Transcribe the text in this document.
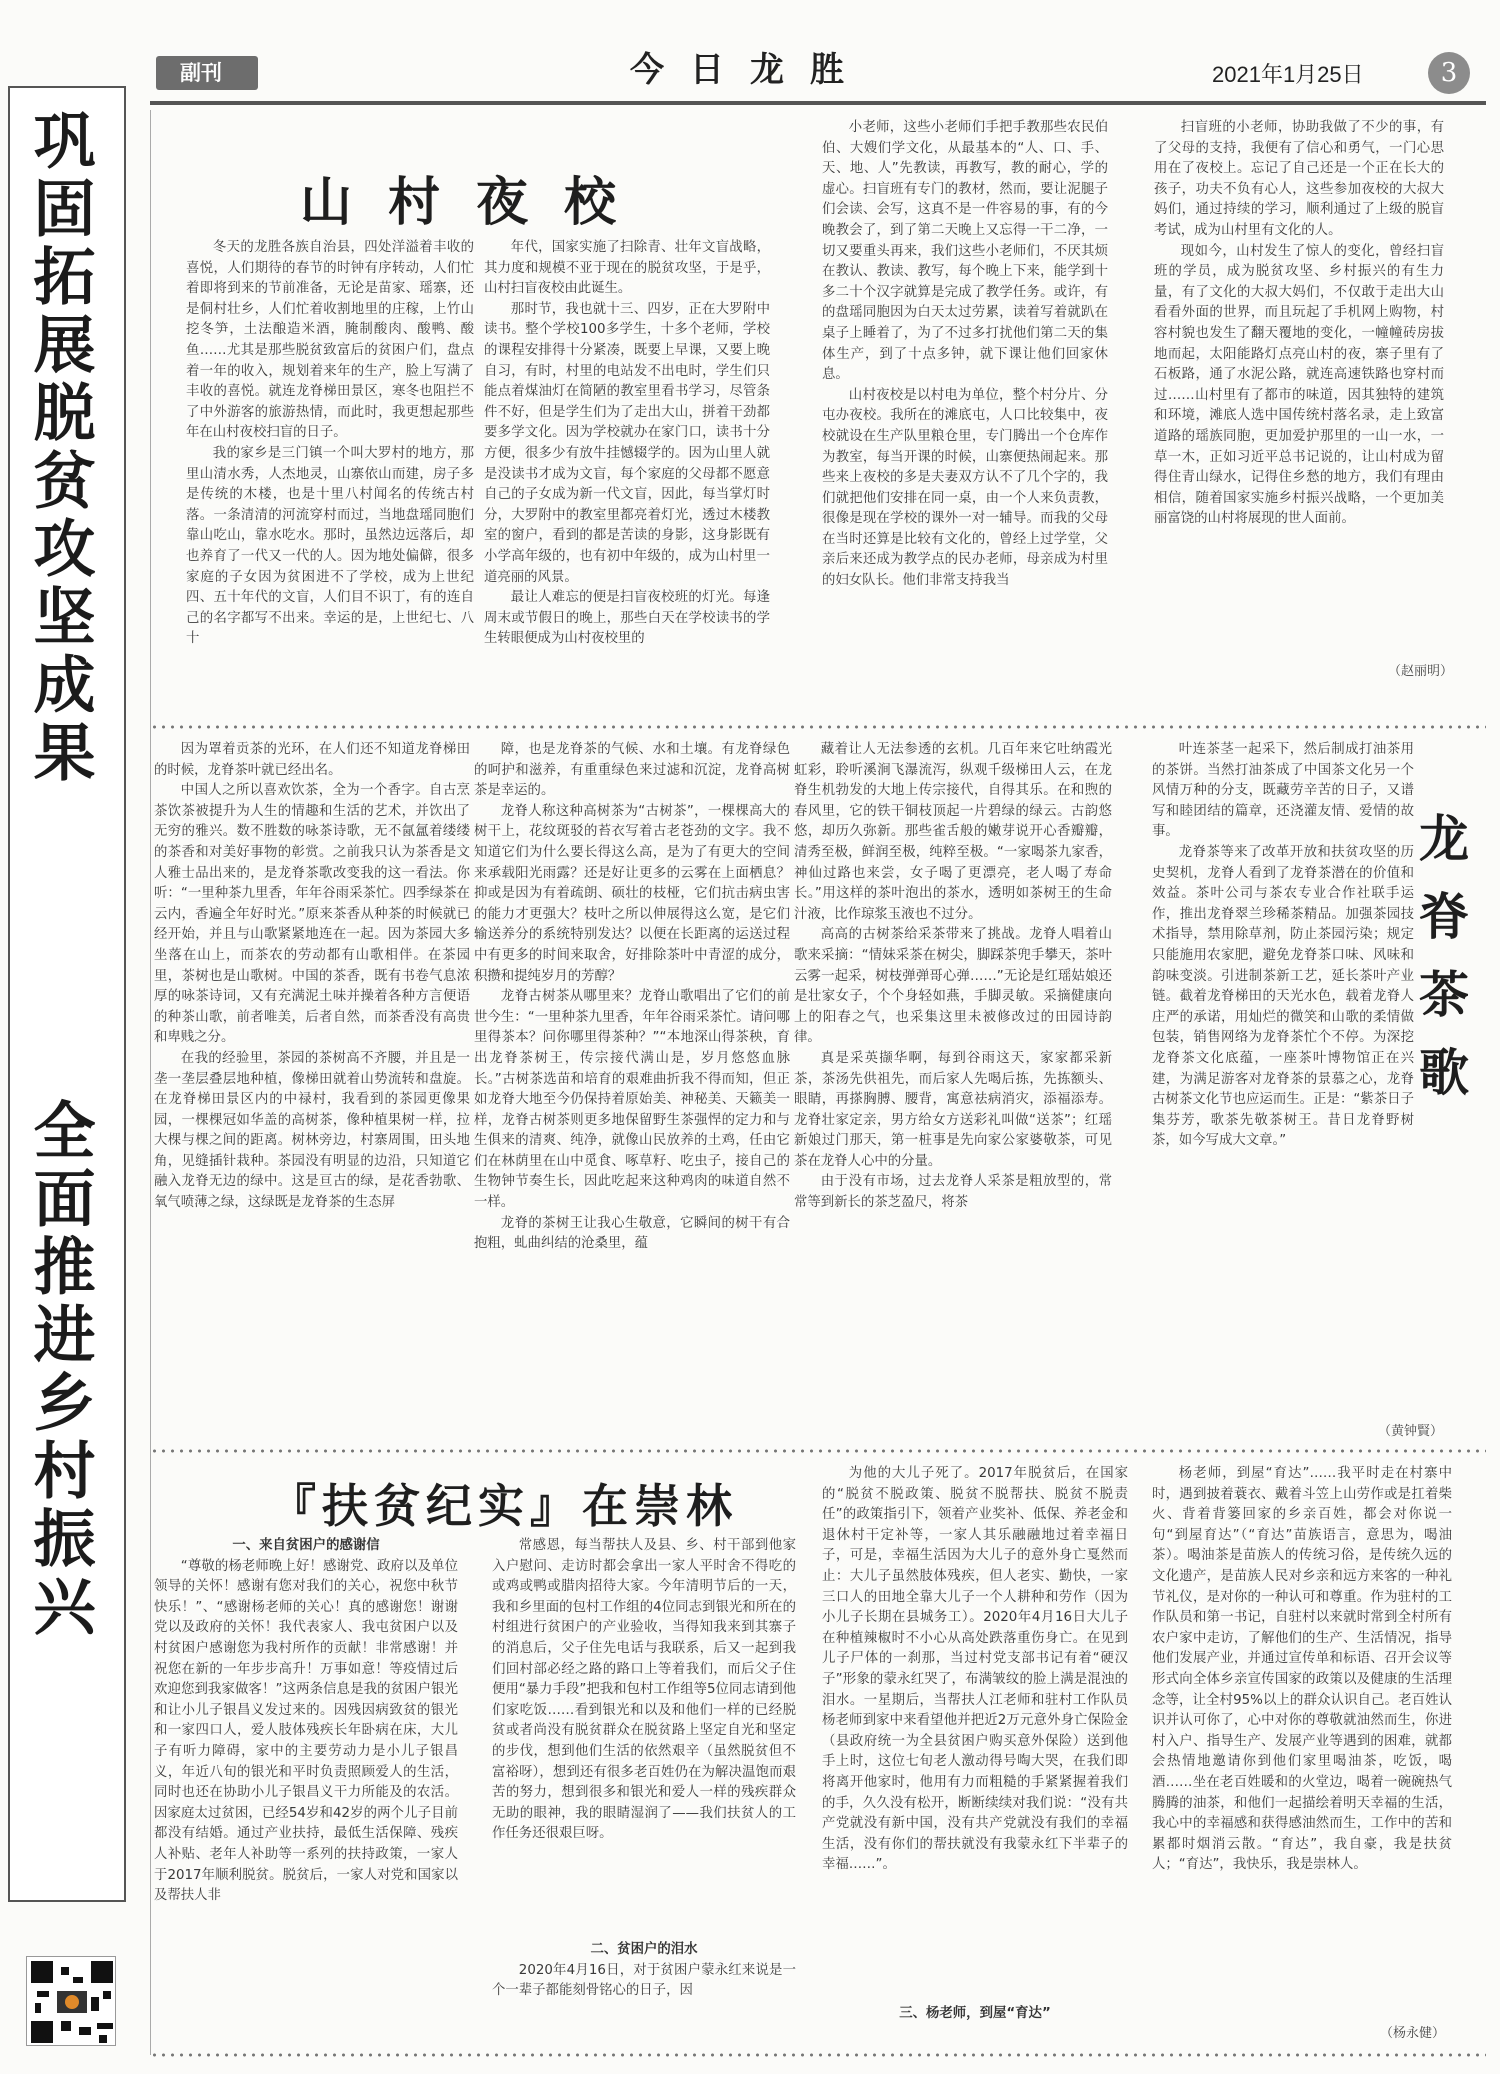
副刊	今日龙胜	2021年1月25日	3
巩固拓展脱贫攻坚成果
全面推进乡村振兴
山村夜校

冬天的龙胜各族自治县，四处洋溢着丰收的喜悦，人们期待的春节的时钟有序转动，人们忙着即将到来的节前准备，无论是苗家、瑶寨，还是侗村壮乡，人们忙着收割地里的庄稼，上竹山挖冬笋，土法酿造米酒，腌制酸肉、酸鸭、酸鱼……尤其是那些脱贫致富后的贫困户们，盘点着一年的收入，规划着来年的生产，脸上写满了丰收的喜悦。就连龙脊梯田景区，寒冬也阻拦不了中外游客的旅游热情，而此时，我更想起那些年在山村夜校扫盲的日子。

我的家乡是三门镇一个叫大罗村的地方，那里山清水秀，人杰地灵，山寨依山而建，房子多是传统的木楼，也是十里八村闻名的传统古村落。一条清清的河流穿村而过，当地盘瑶同胞们靠山吃山，靠水吃水。那时，虽然边远落后，却也养育了一代又一代的人。因为地处偏僻，很多家庭的子女因为贫困进不了学校，成为上世纪四、五十年代的文盲，人们目不识丁，有的连自己的名字都写不出来。幸运的是，上世纪七、八十

年代，国家实施了扫除青、壮年文盲战略，其力度和规模不亚于现在的脱贫攻坚，于是乎，山村扫盲夜校由此诞生。

那时节，我也就十三、四岁，正在大罗附中读书。整个学校100多学生，十多个老师，学校的课程安排得十分紧凑，既要上早课，又要上晚自习，有时，村里的电站发不出电时，学生们只能点着煤油灯在简陋的教室里看书学习，尽管条件不好，但是学生们为了走出大山，拼着干劲都要多学文化。因为学校就办在家门口，读书十分方便，很多少有放牛挂憾辍学的。因为山里人就是没读书才成为文盲，每个家庭的父母都不愿意自己的子女成为新一代文盲，因此，每当掌灯时分，大罗附中的教室里都亮着灯光，透过木楼教室的窗户，看到的都是苦读的身影，这身影既有小学高年级的，也有初中年级的，成为山村里一道亮丽的风景。

最让人难忘的便是扫盲夜校班的灯光。每逢周末或节假日的晚上，那些白天在学校读书的学生转眼便成为山村夜校里的

小老师，这些小老师们手把手教那些农民伯伯、大嫂们学文化，从最基本的“人、口、手、天、地、人”先教读，再教写，教的耐心，学的虚心。扫盲班有专门的教材，然而，要让泥腿子们会读、会写，这真不是一件容易的事，有的今晚教会了，到了第二天晚上又忘得一干二净，一切又要重头再来，我们这些小老师们，不厌其烦在教认、教读、教写，每个晚上下来，能学到十多二十个汉字就算是完成了教学任务。或许，有的盘瑶同胞因为白天太过劳累，读着写着就趴在桌子上睡着了，为了不过多打扰他们第二天的集体生产，到了十点多钟，就下课让他们回家休息。

山村夜校是以村电为单位，整个村分片、分屯办夜校。我所在的滩底屯，人口比较集中，夜校就设在生产队里粮仓里，专门腾出一个仓库作为教室，每当开课的时候，山寨便热闹起来。那些来上夜校的多是夫妻双方认不了几个字的，我们就把他们安排在同一桌，由一个人来负责教，很像是现在学校的课外一对一辅导。而我的父母在当时还算是比较有文化的，曾经上过学堂，父亲后来还成为教学点的民办老师，母亲成为村里的妇女队长。他们非常支持我当

扫盲班的小老师，协助我做了不少的事，有了父母的支持，我便有了信心和勇气，一门心思用在了夜校上。忘记了自己还是一个正在长大的孩子，功夫不负有心人，这些参加夜校的大叔大妈们，通过持续的学习，顺利通过了上级的脱盲考试，成为山村里有文化的人。

现如今，山村发生了惊人的变化，曾经扫盲班的学员，成为脱贫攻坚、乡村振兴的有生力量，有了文化的大叔大妈们，不仅敢于走出大山看看外面的世界，而且玩起了手机网上购物，村容村貌也发生了翻天覆地的变化，一幢幢砖房拔地而起，太阳能路灯点亮山村的夜，寨子里有了石板路，通了水泥公路，就连高速铁路也穿村而过……山村里有了都市的味道，因其独特的建筑和环境，滩底人选中国传统村落名录，走上致富道路的瑶族同胞，更加爱护那里的一山一水，一草一木，正如习近平总书记说的，让山村成为留得住青山绿水，记得住乡愁的地方，我们有理由相信，随着国家实施乡村振兴战略，一个更加美丽富饶的山村将展现的世人面前。

（赵丽明）

因为罩着贡茶的光环，在人们还不知道龙脊梯田的时候，龙脊茶叶就已经出名。

中国人之所以喜欢饮茶，全为一个香字。自古烹茶饮茶被提升为人生的情趣和生活的艺术，并饮出了无穷的雅兴。数不胜数的咏茶诗歌，无不氤氲着缕缕的茶香和对美好事物的彰赏。之前我只认为茶香是文人雅士品出来的，是龙脊茶歌改变我的这一看法。你听：“一里种茶九里香，年年谷雨采茶忙。四季绿茶在云内，香遍全年好时光。”原来茶香从种茶的时候就已经开始，并且与山歌紧紧地连在一起。因为茶园大多坐落在山上，而茶农的劳动都有山歌相伴。在茶园里，茶树也是山歌树。中国的茶香，既有书卷气息浓厚的咏茶诗词，又有充满泥土味并操着各种方言便语的种茶山歌，前者唯美，后者自然，而茶香没有高贵和卑贱之分。

在我的经验里，茶园的茶树高不齐腰，并且是一垄一垄层叠层地种植，像梯田就着山势流转和盘旋。在龙脊梯田景区内的中禄村，我看到的茶园更像果园，一棵棵冠如华盖的高树茶，像种植果树一样，拉大棵与棵之间的距离。树林旁边，村寨周围，田头地角，见缝插针栽种。茶园没有明显的边沿，只知道它融入龙脊无边的绿中。这是亘古的绿，是花香勃歌、氧气喷薄之绿，这绿既是龙脊茶的生态屏

障，也是龙脊茶的气候、水和土壤。有龙脊绿色的呵护和滋养，有重重绿色来过滤和沉淀，龙脊高树茶是幸运的。

龙脊人称这种高树茶为“古树茶”，一棵棵高大的树干上，花纹斑驳的苔衣写着古老苍劲的文字。我不知道它们为什么要长得这么高，是为了有更大的空间来承载阳光雨露？还是好让更多的云雾在上面栖息？抑或是因为有着疏朗、硕壮的枝桠，它们抗击病虫害的能力才更强大？枝叶之所以伸展得这么宽，是它们输送养分的系统特别发达？以便在长距离的运送过程中有更多的时间来取舍，好排除茶叶中青涩的成分，积攒和提纯岁月的芳醇？

龙脊古树茶从哪里来？龙脊山歌唱出了它们的前世今生：“一里种茶九里香，年年谷雨采茶忙。请问哪里得茶本？问你哪里得茶种？”“本地深山得茶秧，育出龙脊茶树王，传宗接代满山是，岁月悠悠血脉长。”古树茶选苗和培育的艰难曲折我不得而知，但正如龙脊大地至今仍保持着原始美、神秘美、天籁美一样，龙脊古树茶则更多地保留野生茶强悍的定力和与生俱来的清爽、纯净，就像山民放养的土鸡，任由它们在林荫里在山中觅食、啄草籽、吃虫子，接自己的生物钟节奏生长，因此吃起来这种鸡肉的味道自然不一样。

龙脊的茶树王让我心生敬意，它瞬间的树干有合抱粗，虬曲纠结的沧桑里，蕴

藏着让人无法参透的玄机。几百年来它吐纳霞光虹彩，聆听溪涧飞瀑流泻，纵观千级梯田人云，在龙脊生机勃发的大地上传宗接代，自得其乐。在和煦的春风里，它的铁干铜枝顶起一片碧绿的绿云。古韵悠悠，却历久弥新。那些雀舌般的嫩芽说开心香瓣瓣，清秀至极，鲜润至极，纯粹至极。“一家喝茶九家香，神仙过路也来尝，女子喝了更漂亮，老人喝了寿命长。”用这样的茶叶泡出的茶水，透明如茶树王的生命汁液，比作琼浆玉液也不过分。

高高的古树茶给采茶带来了挑战。龙脊人唱着山歌来采摘：“情妹采茶在树尖，脚踩茶兜手攀天，茶叶云雾一起采，树枝弹弹哥心弹……”无论是红瑶姑娘还是壮家女子，个个身轻如燕，手脚灵敏。采摘健康向上的阳春之气，也采集这里未被修改过的田园诗韵律。

真是采英撷华啊，每到谷雨这天，家家都采新茶，茶汤先供祖先，而后家人先喝后拣，先拣额头、眼睛，再搽胸膊、腰背，寓意祛病消灾，添福添寿。龙脊壮家定亲，男方给女方送彩礼叫做“送茶”；红瑶新娘过门那天，第一桩事是先向家公家婆敬茶，可见茶在龙脊人心中的分量。

由于没有市场，过去龙脊人采茶是粗放型的，常常等到新长的茶芝盈尺，将茶

叶连茶茎一起采下，然后制成打油茶用的茶饼。当然打油茶成了中国茶文化另一个风情万种的分支，既藏劳辛苦的日子，又谱写和睦团结的篇章，还浇灌友情、爱情的故事。

龙脊茶等来了改革开放和扶贫攻坚的历史契机，龙脊人看到了龙脊茶潜在的价值和效益。茶叶公司与茶农专业合作社联手运作，推出龙脊翠兰珍稀茶精品。加强茶园技术指导，禁用除草剂，防止茶园污染；规定只能施用农家肥，避免龙脊茶口味、风味和韵味变淡。引进制茶新工艺，延长茶叶产业链。截着龙脊梯田的天光水色，载着龙脊人庄严的承诺，用灿烂的微笑和山歌的柔情做包装，销售网络为龙脊茶忙个不停。为深挖龙脊茶文化底蕴，一座茶叶博物馆正在兴建，为满足游客对龙脊茶的景慕之心，龙脊古树茶文化节也应运而生。正是：“紫茶日子集芬芳，歌茶先敬茶树王。昔日龙脊野树茶，如今写成大文章。”

龙脊茶歌
（黄钟賢）
『扶贫纪实』在崇林
一、来自贫困户的感谢信

“尊敬的杨老师晚上好！感谢党、政府以及单位领导的关怀！感谢有您对我们的关心，祝您中秋节快乐！”、“感谢杨老师的关心！真的感谢您！谢谢党以及政府的关怀！我代表家人、我屯贫困户以及村贫困户感谢您为我村所作的贡献！非常感谢！并祝您在新的一年步步高升！万事如意！等疫情过后欢迎您到我家做客！”这两条信息是我的贫困户银光和让小儿子银昌义发过来的。因残因病致贫的银光和一家四口人，爱人肢体残疾长年卧病在床，大儿子有听力障碍，家中的主要劳动力是小儿子银昌义，年近八旬的银光和平时负责照顾爱人的生活，同时也还在协助小儿子银昌义干力所能及的农活。因家庭太过贫困，已经54岁和42岁的两个儿子目前都没有结婚。通过产业扶持，最低生活保障、残疾人补贴、老年人补助等一系列的扶持政策，一家人于2017年顺利脱贫。脱贫后，一家人对党和国家以及帮扶人非

常感恩，每当帮扶人及县、乡、村干部到他家入户慰问、走访时都会拿出一家人平时舍不得吃的或鸡或鸭或腊肉招待大家。今年清明节后的一天，我和乡里面的包村工作组的4位同志到银光和所在的村组进行贫困户的产业验收，当得知我来到其寨子的消息后，父子住先电话与我联系，后又一起到我们回村部必经之路的路口上等着我们，而后父子住便用“暴力手段”把我和包村工作组等5位同志请到他们家吃饭……看到银光和以及和他们一样的已经脱贫或者尚没有脱贫群众在脱贫路上坚定自光和坚定的步伐，想到他们生活的依然艰辛（虽然脱贫但不富裕呀），想到还有很多老百姓仍在为解决温饱而艰苦的努力，想到很多和银光和爱人一样的残疾群众无助的眼神，我的眼睛湿润了——我们扶贫人的工作任务还很艰巨呀。

二、贫困户的泪水

2020年4月16日，对于贫困户蒙永红来说是一个一辈子都能刻骨铭心的日子，因

为他的大儿子死了。2017年脱贫后，在国家的“脱贫不脱政策、脱贫不脱帮扶、脱贫不脱责任”的政策指引下，领着产业奖补、低保、养老金和退休村干定补等，一家人其乐融融地过着幸福日子，可是，幸福生活因为大儿子的意外身亡戛然而止：大儿子虽然肢体残疾，但人老实、勤快，一家三口人的田地全靠大儿子一个人耕种和劳作（因为小儿子长期在县城务工）。2020年4月16日大儿子在种植辣椒时不小心从高处跌落重伤身亡。在见到儿子尸体的一刹那，当过村党支部书记有着“硬汉子”形象的蒙永红哭了，布满皱纹的脸上满是混浊的泪水。一星期后，当帮扶人江老师和驻村工作队员杨老师到家中来看望他并把近2万元意外身亡保险金（县政府统一为全县贫困户购买意外保险）送到他手上时，这位七旬老人激动得号啕大哭，在我们即将离开他家时，他用有力而粗糙的手紧紧握着我们的手，久久没有松开，断断续续对我们说：“没有共产党就没有新中国，没有共产党就没有我们的幸福生活，没有你们的帮扶就没有我蒙永红下半辈子的幸福……”。

三、杨老师，到屋“育达”

杨老师，到屋“育达”……我平时走在村寨中时，遇到披着蓑衣、戴着斗笠上山劳作或是扛着柴火、背着背篓回家的乡亲百姓，都会对你说一句“到屋育达”（“育达”苗族语言，意思为，喝油茶）。喝油茶是苗族人的传统习俗，是传统久远的文化遗产，是苗族人民对乡亲和远方来客的一种礼节礼仪，是对你的一种认可和尊重。作为驻村的工作队员和第一书记，自驻村以来就时常到全村所有农户家中走访，了解他们的生产、生活情况，指导他们发展产业，并通过宣传单和标语、召开会议等形式向全体乡亲宣传国家的政策以及健康的生活理念等，让全村95%以上的群众认识自己。老百姓认识并认可你了，心中对你的尊敬就油然而生，你进村入户、指导生产、发展产业等遇到的困难，就都会热情地邀请你到他们家里喝油茶，吃饭，喝酒……坐在老百姓暖和的火堂边，喝着一碗碗热气腾腾的油茶，和他们一起描绘着明天幸福的生活，我心中的幸福感和获得感油然而生，工作中的苦和累都时烟消云散。“育达”，我自豪，我是扶贫人；“育达”，我快乐，我是崇林人。

（杨永健）
